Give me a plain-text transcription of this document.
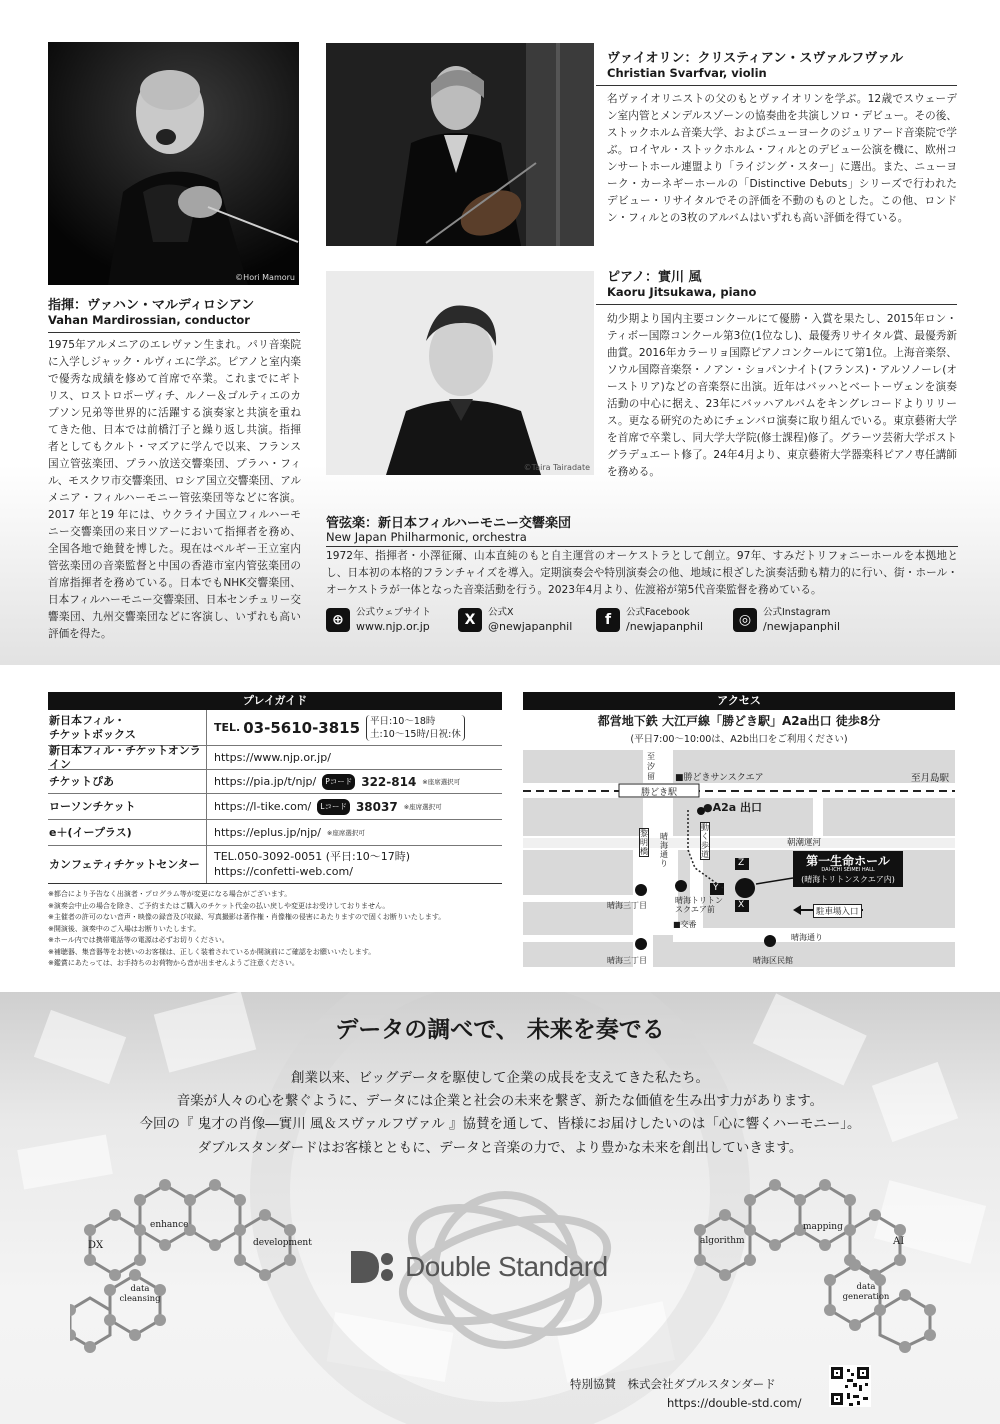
©Hori Mamoru
指揮：ヴァハン・マルディロシアン
Vahan Mardirossian, conductor
1975年アルメニアのエレヴァン生まれ。パリ音楽院に入学しジャック・ルヴィエに学ぶ。ピアノと室内楽で優秀な成績を修めて首席で卒業。これまでにギトリス、ロストロポーヴィチ、ルノー＆ゴルティエのカプソン兄弟等世界的に活躍する演奏家と共演を重ねてきた他、日本では前橋汀子と繰り返し共演。指揮者としてもクルト・マズアに学んで以来、フランス国立管弦楽団、プラハ放送交響楽団、プラハ・フィル、モスクワ市交響楽団、ロシア国立交響楽団、アルメニア・フィルハーモニー管弦楽団等などに客演。2017 年と19 年には、ウクライナ国立フィルハーモニー交響楽団の来日ツアーにおいて指揮者を務め、全国各地で絶賛を博した。現在はベルギー王立室内管弦楽団の音楽監督と中国の香港市室内管弦楽団の首席指揮者を務めている。日本でもNHK交響楽団、日本フィルハーモニー交響楽団、日本センチュリー交響楽団、九州交響楽団などに客演し、いずれも高い評価を得た。
ヴァイオリン：クリスティアン・スヴァルフヴァル
Christian Svarfvar, violin
名ヴァイオリニストの父のもとヴァイオリンを学ぶ。12歳でスウェーデン室内管とメンデルスゾーンの協奏曲を共演しソロ・デビュー。その後、ストックホルム音楽大学、およびニューヨークのジュリアード音楽院で学ぶ。ロイヤル・ストックホルム・フィルとのデビュー公演を機に、欧州コンサートホール連盟より「ライジング・スター」に選出。また、ニューヨーク・カーネギーホールの「Distinctive Debuts」シリーズで行われたデビュー・リサイタルでその評価を不動のものとした。この他、ロンドン・フィルとの3枚のアルバムはいずれも高い評価を得ている。
©Taira Tairadate
ピアノ：實川 風
Kaoru Jitsukawa, piano
幼少期より国内主要コンクールにて優勝・入賞を果たし、2015年ロン・ティボー国際コンクール第3位(1位なし)、最優秀リサイタル賞、最優秀新曲賞。2016年カラーリョ国際ピアノコンクールにて第1位。上海音楽祭、ソウル国際音楽祭・ノアン・ショパンナイト(フランス)・アルソノーレ(オーストリア)などの音楽祭に出演。近年はバッハとベートーヴェンを演奏活動の中心に据え、23年にバッハアルバムをキングレコードよりリリース。更なる研究のためにチェンバロ演奏に取り組んでいる。東京藝術大学を首席で卒業し、同大学大学院(修士課程)修了。グラーツ芸術大学ポストグラデュエート修了。24年4月より、東京藝術大学器楽科ピアノ専任講師を務める。
管弦楽：新日本フィルハーモニー交響楽団
New Japan Philharmonic, orchestra
1972年、指揮者・小澤征爾、山本直純のもと自主運営のオーケストラとして創立。97年、すみだトリフォニーホールを本拠地とし、日本初の本格的フランチャイズを導入。定期演奏会や特別演奏会の他、地域に根ざした演奏活動も精力的に行い、街・ホール・オーケストラが一体となった音楽活動を行う。2023年4月より、佐渡裕が第5代音楽監督を務めている。
⊕	公式ウェブサイト
www.njp.or.jp	X	公式X
@newjapanphil	f	公式Facebook
/newjapanphil	◎	公式Instagram
/newjapanphil
プレイガイド
新日本フィル・
チケットボックス
TEL. 03-5610-3815	平日:10～18時
土:10～15時/日祝:休
新日本フィル・チケットオンライン
https://www.njp.or.jp/
チケットぴあ	https://pia.jp/t/njp/	Pコード 322-814 ※座席選択可
ローソンチケット	https://l-tike.com/	Lコード 38037 ※座席選択可
e＋(イープラス)	https://eplus.jp/njp/ ※座席選択可
カンフェティチケットセンター
TEL.050-3092-0051 (平日:10～17時)
https://confetti-web.com/
※都合により予告なく出演者・プログラム等が変更になる場合がございます。
※演奏会中止の場合を除き、ご予約またはご購入のチケット代金の払い戻しや変更はお受けしておりません。
※主催者の許可のない音声・映像の録音及び収録、写真撮影は著作権・肖像権の侵害にあたりますので固くお断りいたします。
※開演後、演奏中のご入場はお断りいたします。
※ホール内では携帯電話等の電源は必ずお切りください。
※補聴器、集音器等をお使いのお客様は、正しく装着されているか開演前にご確認をお願いいたします。
※鑑賞にあたっては、お手持ちのお荷物から音が出ませんようご注意ください。
アクセス
都営地下鉄 大江戸線「勝どき駅」A2a出口 徒歩8分
(平日7:00～10:00は、A2b出口をご利用ください)
■勝どきサンスクエア	至月島駅
至
汐留
勝どき駅
●A2a 出口
朝潮運河
黎明橋
晴海通り
動く歩道
Z
Y
X
第一生命ホール
DAI-ICHI SEIMEI HALL
(晴海トリトンスクエア内)
駐車場入口
晴海三丁目
晴海トリトン
スクエア前
■交番
晴海通り
晴海三丁目	晴海区民館
データの調べで、 未来を奏でる
創業以来、ビッグデータを駆使して企業の成長を支えてきた私たち。
音楽が人々の心を繋ぐように、データには企業と社会の未来を繋ぎ、新たな価値を生み出す力があります。
今回の『 鬼才の肖像―實川 風＆スヴァルフヴァル 』協賛を通して、皆様にお届けしたいのは「心に響くハーモニー」。
ダブルスタンダードはお客様とともに、データと音楽の力で、より豊かな未来を創出していきます。
DX
enhance
development
data cleansing
mapping
algorithm	AI
data generation
Double Standard
特別協賛　株式会社ダブルスタンダード
https://double-std.com/
